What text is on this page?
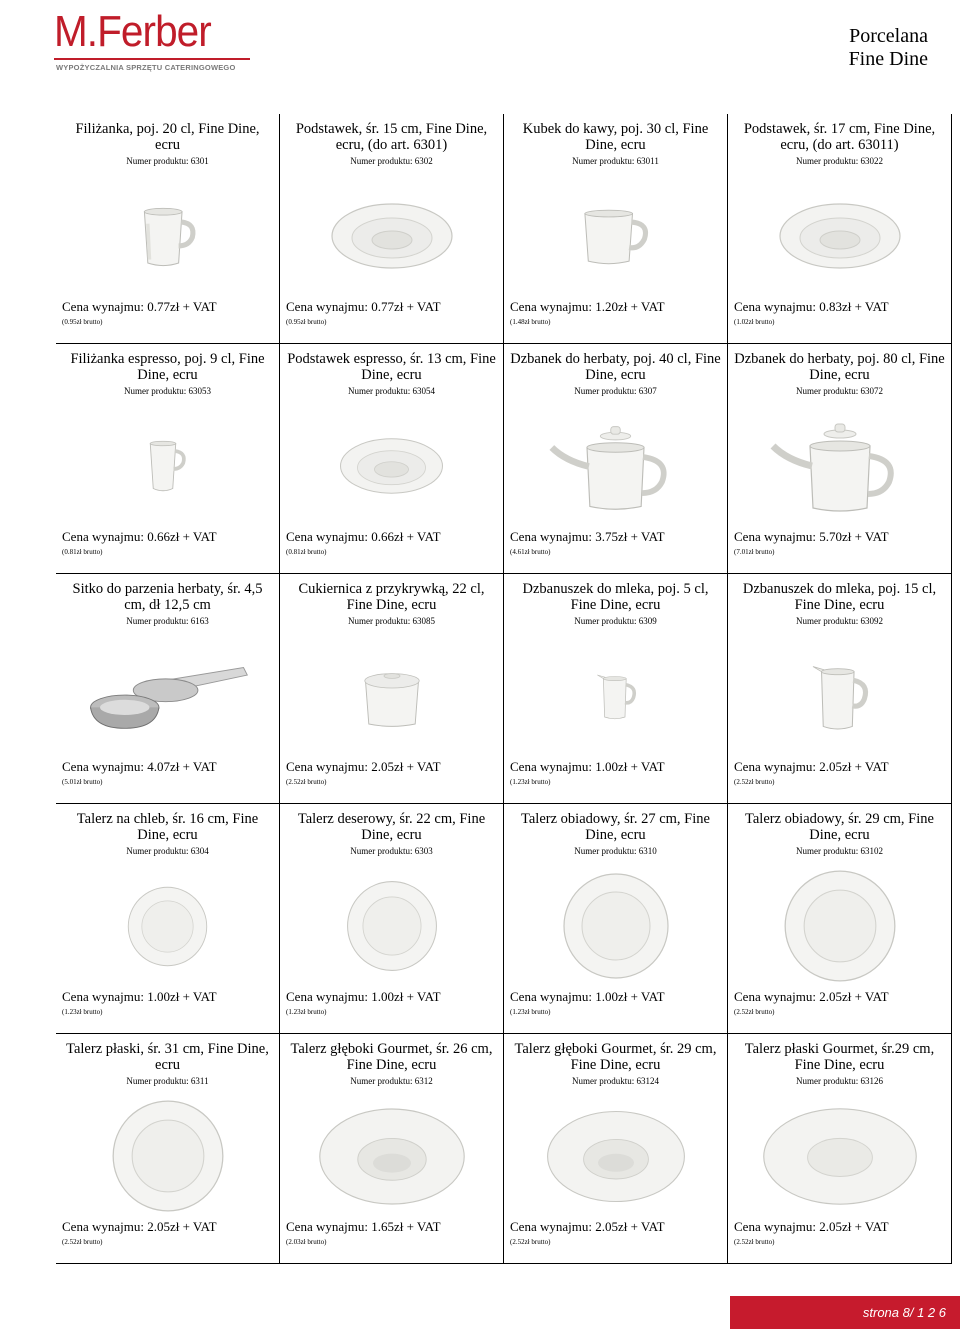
M.Ferber
WYPOŻYCZALNIA SPRZĘTU CATERINGOWEGO
Porcelana
Fine Dine
Filiżanka, poj. 20 cl, Fine Dine, ecru
Numer produktu: 6301
Cena wynajmu: 0.77zł + VAT
(0.95zł brutto)
Podstawek, śr. 15 cm, Fine Dine, ecru, (do art. 6301)
Numer produktu: 6302
Cena wynajmu: 0.77zł + VAT
(0.95zł brutto)
Kubek do kawy, poj. 30 cl, Fine Dine, ecru
Numer produktu: 63011
Cena wynajmu: 1.20zł + VAT
(1.48zł brutto)
Podstawek, śr. 17 cm, Fine Dine, ecru, (do art. 63011)
Numer produktu: 63022
Cena wynajmu: 0.83zł + VAT
(1.02zł brutto)
Filiżanka espresso, poj. 9 cl, Fine Dine, ecru
Numer produktu: 63053
Cena wynajmu: 0.66zł + VAT
(0.81zł brutto)
Podstawek espresso, śr. 13 cm, Fine Dine, ecru
Numer produktu: 63054
Cena wynajmu: 0.66zł + VAT
(0.81zł brutto)
Dzbanek do herbaty, poj. 40 cl, Fine Dine, ecru
Numer produktu: 6307
Cena wynajmu: 3.75zł + VAT
(4.61zł brutto)
Dzbanek do herbaty, poj. 80 cl, Fine Dine, ecru
Numer produktu: 63072
Cena wynajmu: 5.70zł + VAT
(7.01zł brutto)
Sitko do parzenia herbaty, śr. 4,5 cm, dł 12,5 cm
Numer produktu: 6163
Cena wynajmu: 4.07zł + VAT
(5.01zł brutto)
Cukiernica z przykrywką, 22 cl, Fine Dine, ecru
Numer produktu: 63085
Cena wynajmu: 2.05zł + VAT
(2.52zł brutto)
Dzbanuszek do mleka, poj. 5 cl, Fine Dine, ecru
Numer produktu: 6309
Cena wynajmu: 1.00zł + VAT
(1.23zł brutto)
Dzbanuszek do mleka, poj. 15 cl, Fine Dine, ecru
Numer produktu: 63092
Cena wynajmu: 2.05zł + VAT
(2.52zł brutto)
Talerz na chleb, śr. 16 cm, Fine Dine, ecru
Numer produktu: 6304
Cena wynajmu: 1.00zł + VAT
(1.23zł brutto)
Talerz deserowy, śr. 22 cm, Fine Dine, ecru
Numer produktu: 6303
Cena wynajmu: 1.00zł + VAT
(1.23zł brutto)
Talerz obiadowy, śr. 27 cm, Fine Dine, ecru
Numer produktu: 6310
Cena wynajmu: 1.00zł + VAT
(1.23zł brutto)
Talerz obiadowy, śr. 29 cm, Fine Dine, ecru
Numer produktu: 63102
Cena wynajmu: 2.05zł + VAT
(2.52zł brutto)
Talerz płaski, śr. 31 cm, Fine Dine, ecru
Numer produktu: 6311
Cena wynajmu: 2.05zł + VAT
(2.52zł brutto)
Talerz głęboki Gourmet, śr. 26 cm, Fine Dine, ecru
Numer produktu: 6312
Cena wynajmu: 1.65zł + VAT
(2.03zł brutto)
Talerz głęboki Gourmet, śr. 29 cm, Fine Dine, ecru
Numer produktu: 63124
Cena wynajmu: 2.05zł + VAT
(2.52zł brutto)
Talerz płaski Gourmet, śr.29 cm, Fine Dine, ecru
Numer produktu: 63126
Cena wynajmu: 2.05zł + VAT
(2.52zł brutto)
strona 8/ 1 2 6
